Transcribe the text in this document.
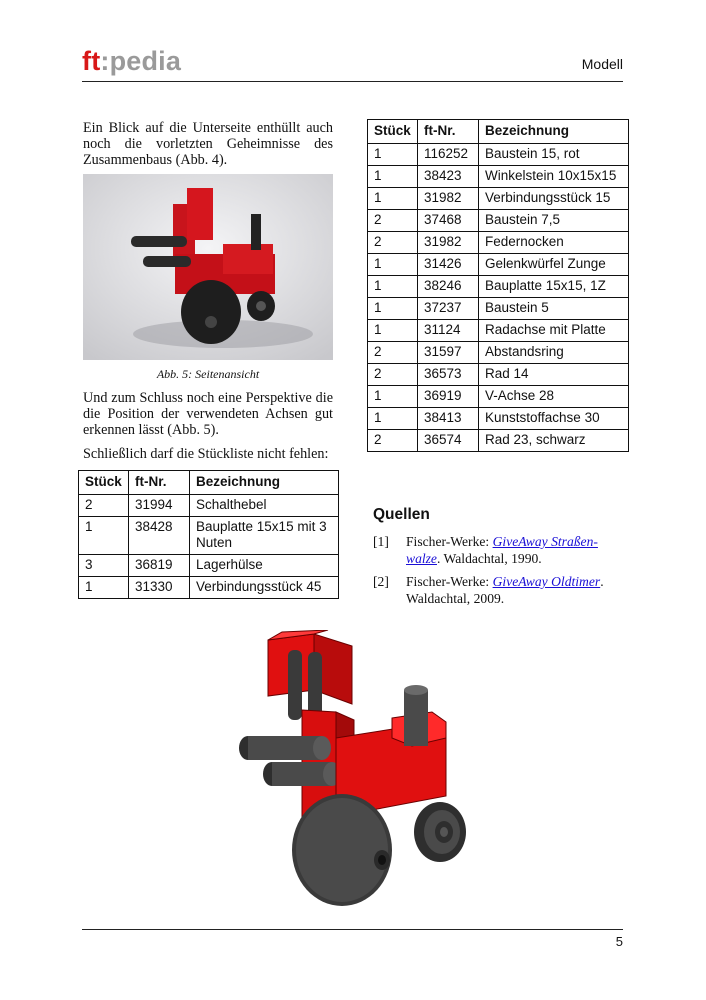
ft:pedia	Modell

Ein Blick auf die Unterseite enthüllt auch noch die vorletzten Geheimnisse des Zusammenbaus (Abb. 4).

Abb. 5: Seitenansicht

Und zum Schluss noch eine Perspektive die die Position der verwendeten Achsen gut erkennen lässt (Abb. 5).

Schließlich darf die Stückliste nicht fehlen:

Stück	ft-Nr.	Bezeichnung
2	31994	Schalthebel
1	38428	Bauplatte 15x15 mit 3 Nuten
3	36819	Lagerhülse
1	31330	Verbindungsstück 45
Stück	ft-Nr.	Bezeichnung
1	116252	Baustein 15, rot
1	38423	Winkelstein 10x15x15
1	31982	Verbindungsstück 15
2	37468	Baustein 7,5
2	31982	Federnocken
1	31426	Gelenkwürfel Zunge
1	38246	Bauplatte 15x15, 1Z
1	37237	Baustein 5
1	31124	Radachse mit Platte
2	31597	Abstandsring
2	36573	Rad 14
1	36919	V-Achse 28
1	38413	Kunststoffachse 30
2	36574	Rad 23, schwarz
Quellen
[1] Fischer-Werke: GiveAway Straßen-walze. Waldachtal, 1990.
[2] Fischer-Werke: GiveAway Oldtimer. Waldachtal, 2009.
5
